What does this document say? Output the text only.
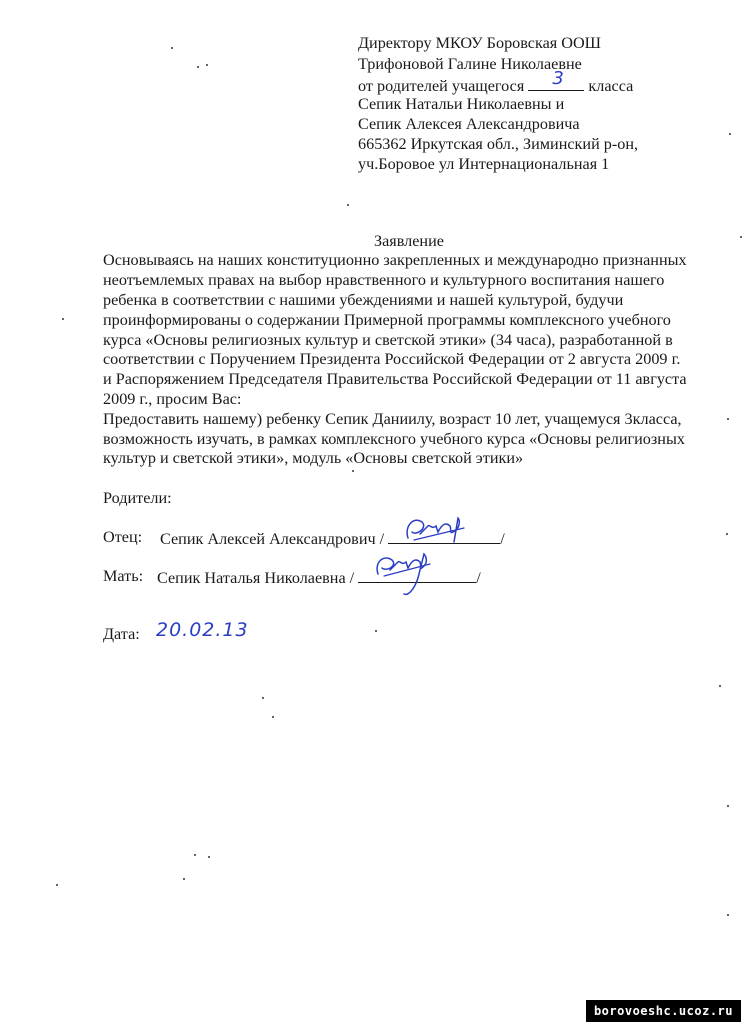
Директору МКОУ Боровская ООШ
Трифоновой Галине Николаевне
от родителей учащегося 3 класса
Сепик Натальи Николаевны и
Сепик Алексея Александровича
665362 Иркутская обл., Зиминский р-он,
уч.Боровое ул Интернациональная 1
Заявление
Основываясь на наших конституционно закрепленных и международно признанных
неотъемлемых правах на выбор нравственного и культурного воспитания нашего
ребенка в соответствии с нашими убеждениями и нашей культурой, будучи
проинформированы о содержании Примерной программы комплексного учебного
курса «Основы религиозных культур и светской этики» (34 часа), разработанной в
соответствии с Поручением Президента Российской Федерации от 2 августа 2009 г.
и Распоряжением Председателя Правительства Российской Федерации от 11 августа
2009 г., просим Вас:
Предоставить нашему) ребенку Сепик Даниилу, возраст 10 лет, учащемуся 3класса,
возможность изучать, в рамках комплексного учебного курса «Основы религиозных
культур и светской этики», модуль «Основы светской этики»
Родители:
Отец: Сепик Алексей Александрович /	/
Мать: Сепик Наталья Николаевна /	/
Дата: 20.02.13
borovoeshc.ucoz.ru
